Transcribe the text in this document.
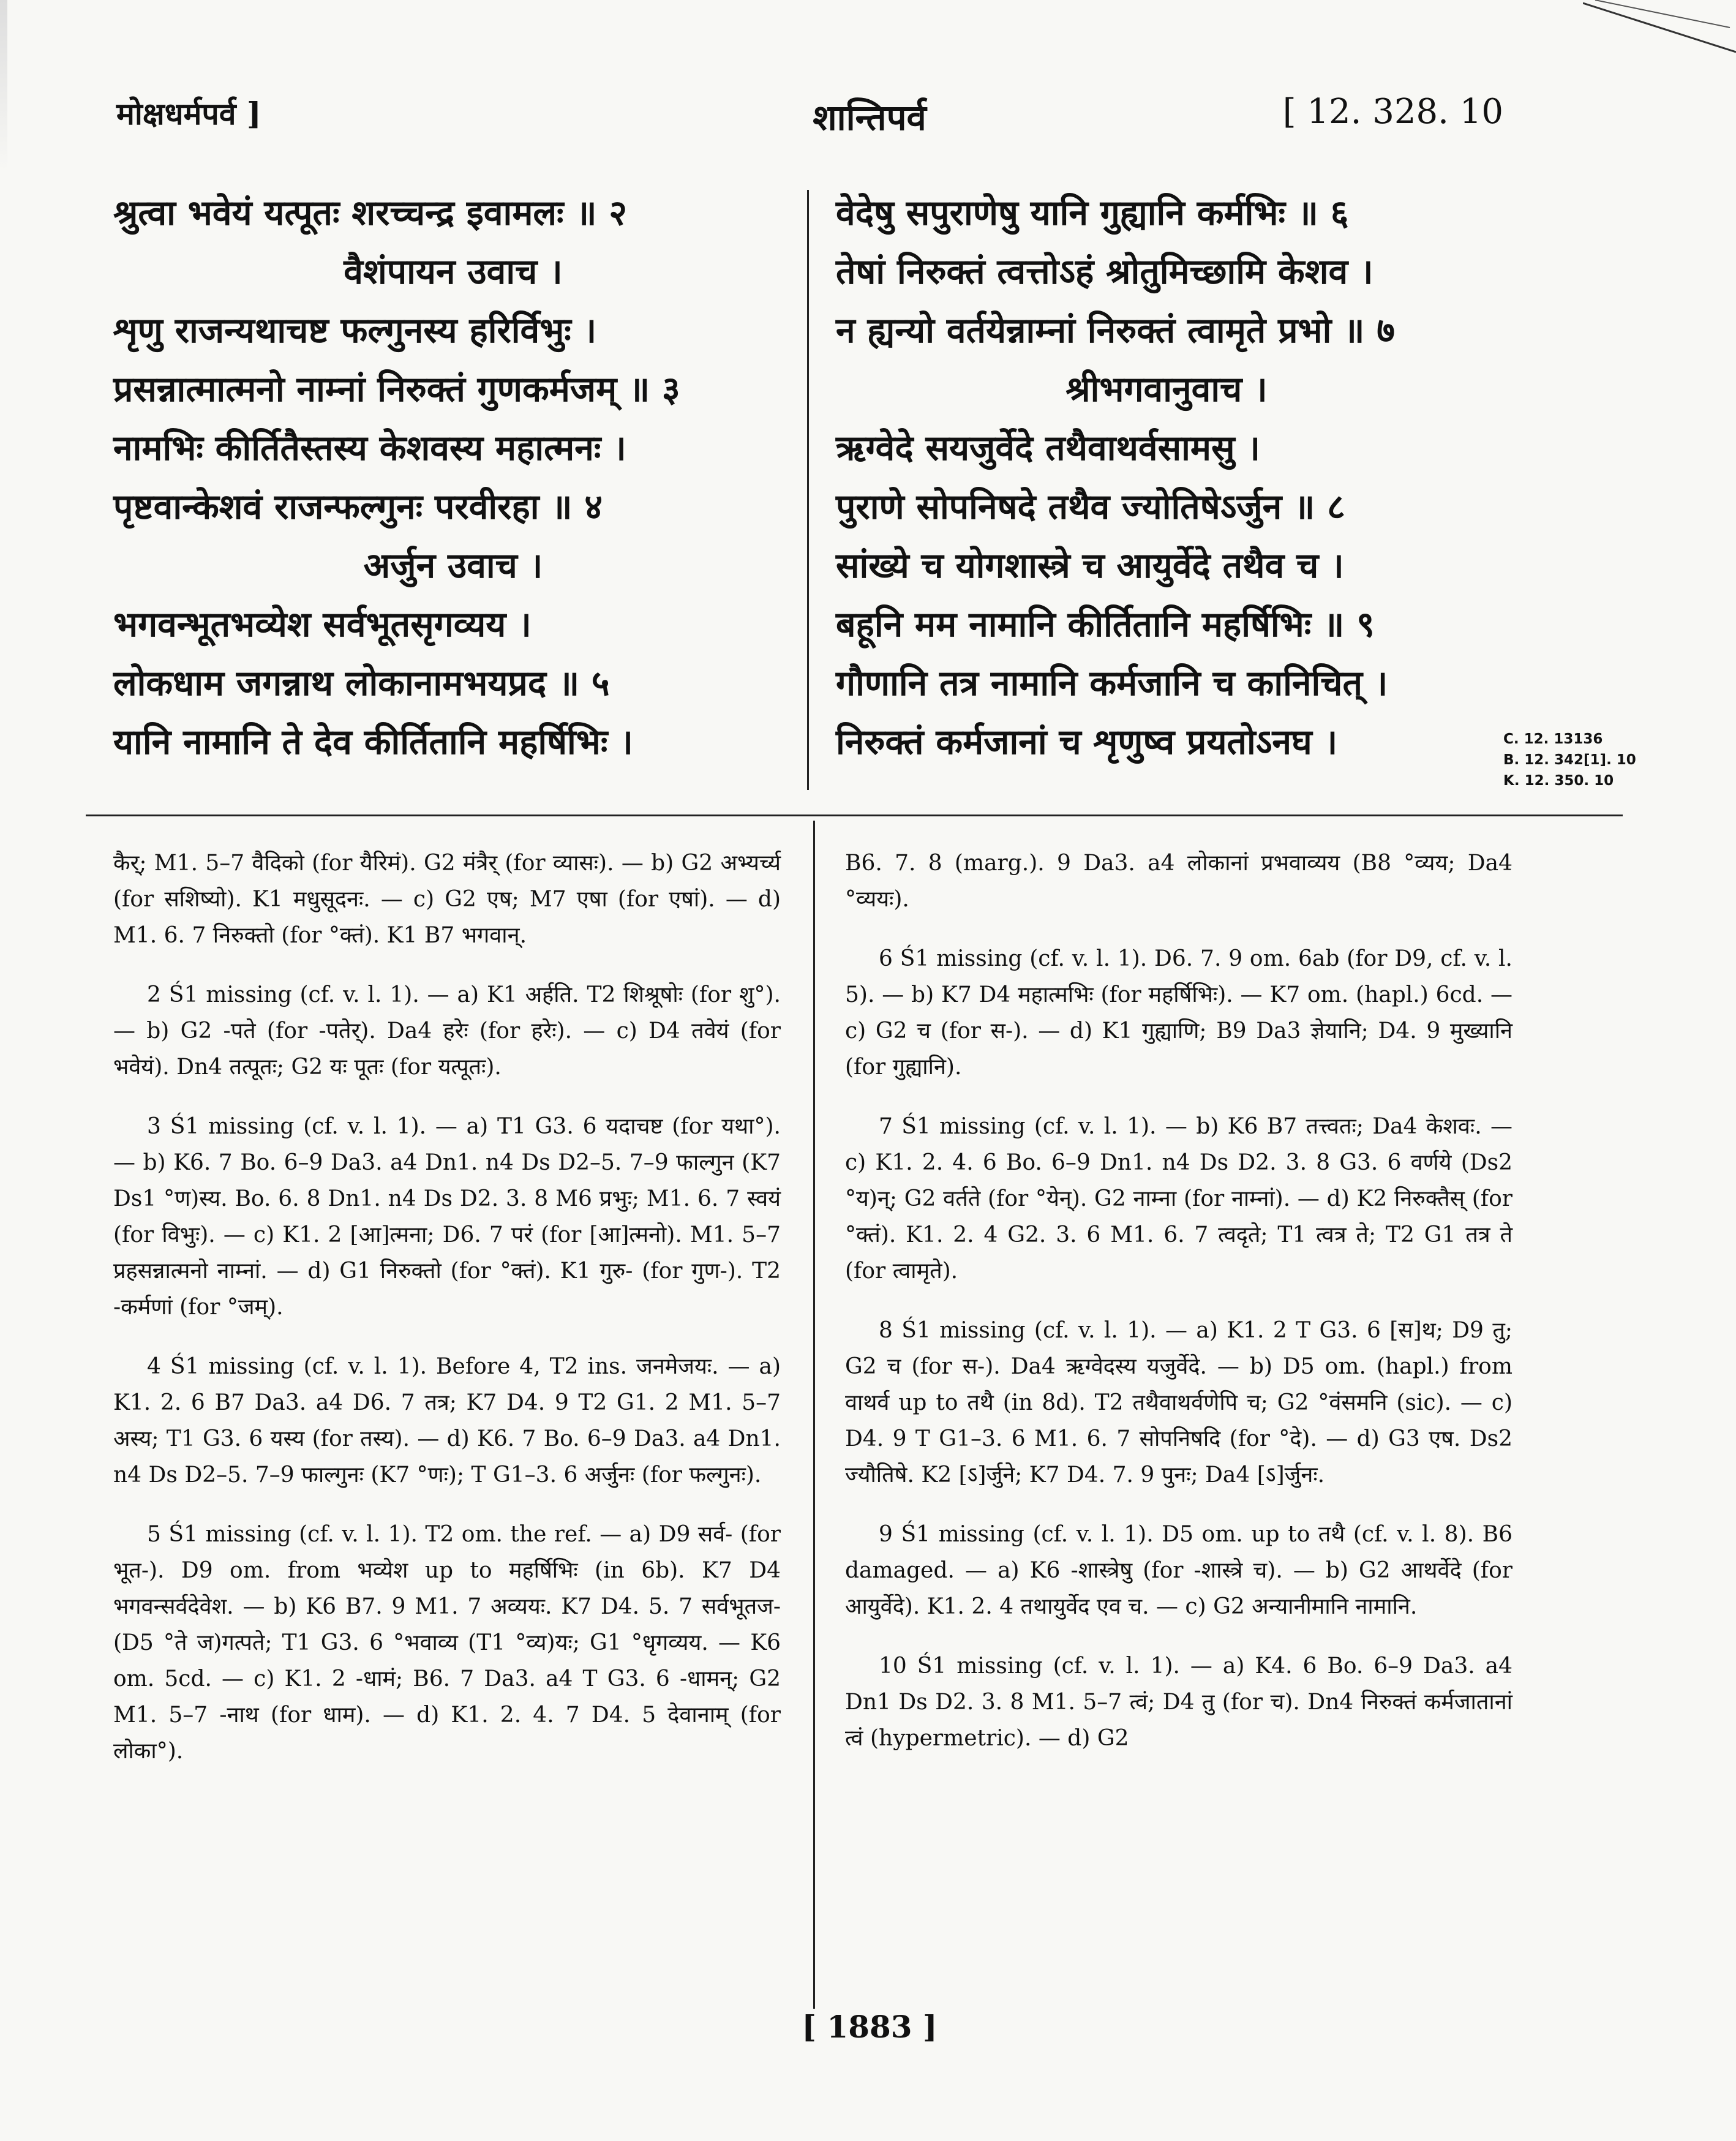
मोक्षधर्मपर्व ]	शान्तिपर्व	[ 12. 328. 10
श्रुत्वा भवेयं यत्पूतः शरच्चन्द्र इवामलः ॥ २
वैशंपायन उवाच ।
शृणु राजन्यथाचष्ट फल्गुनस्य हरिर्विभुः ।
प्रसन्नात्मात्मनो नाम्नां निरुक्तं गुणकर्मजम् ॥ ३
नामभिः कीर्तितैस्तस्य केशवस्य महात्मनः ।
पृष्टवान्केशवं राजन्फल्गुनः परवीरहा ॥ ४
अर्जुन उवाच ।
भगवन्भूतभव्येश सर्वभूतसृगव्यय ।
लोकधाम जगन्नाथ लोकानामभयप्रद ॥ ५
यानि नामानि ते देव कीर्तितानि महर्षिभिः ।
वेदेषु सपुराणेषु यानि गुह्यानि कर्मभिः ॥ ६
तेषां निरुक्तं त्वत्तोऽहं श्रोतुमिच्छामि केशव ।
न ह्यन्यो वर्तयेन्नाम्नां निरुक्तं त्वामृते प्रभो ॥ ७
श्रीभगवानुवाच ।
ऋग्वेदे सयजुर्वेदे तथैवाथर्वसामसु ।
पुराणे सोपनिषदे तथैव ज्योतिषेऽर्जुन ॥ ८
सांख्ये च योगशास्त्रे च आयुर्वेदे तथैव च ।
बहूनि मम नामानि कीर्तितानि महर्षिभिः ॥ ९
गौणानि तत्र नामानि कर्मजानि च कानिचित् ।
निरुक्तं कर्मजानां च शृणुष्व प्रयतोऽनघ ।	C. 12. 13136
B. 12. 342[1]. 10
K. 12. 350. 10

कैर्; M1. 5–7 वैदिको (for यैरिमं). G2 मंत्रैर् (for व्यासः). — b) G2 अभ्यर्च्य (for सशिष्यो). K1 मधुसूदनः. — c) G2 एष; M7 एषा (for एषां). — d) M1. 6. 7 निरुक्तो (for °क्तं). K1 B7 भगवान्.

2 Ś1 missing (cf. v. l. 1). — a) K1 अर्हति. T2 शिश्रूषोः (for शु°). — b) G2 -पते (for -पतेर्). Da4 हरेः (for हरेः). — c) D4 तवेयं (for भवेयं). Dn4 तत्पूतः; G2 यः पूतः (for यत्पूतः).

3 Ś1 missing (cf. v. l. 1). — a) T1 G3. 6 यदाचष्ट (for यथा°). — b) K6. 7 Bo. 6–9 Da3. a4 Dn1. n4 Ds D2–5. 7–9 फाल्गुन (K7 Ds1 °ण)स्य. Bo. 6. 8 Dn1. n4 Ds D2. 3. 8 M6 प्रभुः; M1. 6. 7 स्वयं (for विभुः). — c) K1. 2 [आ]त्मना; D6. 7 परं (for [आ]त्मनो). M1. 5–7 प्रहसन्नात्मनो नाम्नां. — d) G1 निरुक्तो (for °क्तं). K1 गुरु- (for गुण-). T2 -कर्मणां (for °जम्).

4 Ś1 missing (cf. v. l. 1). Before 4, T2 ins. जनमेजयः. — a) K1. 2. 6 B7 Da3. a4 D6. 7 तत्र; K7 D4. 9 T2 G1. 2 M1. 5–7 अस्य; T1 G3. 6 यस्य (for तस्य). — d) K6. 7 Bo. 6–9 Da3. a4 Dn1. n4 Ds D2–5. 7–9 फाल्गुनः (K7 °णः); T G1–3. 6 अर्जुनः (for फल्गुनः).

5 Ś1 missing (cf. v. l. 1). T2 om. the ref. — a) D9 सर्व- (for भूत-). D9 om. from भव्येश up to महर्षिभिः (in 6b). K7 D4 भगवन्सर्वदेवेश. — b) K6 B7. 9 M1. 7 अव्ययः. K7 D4. 5. 7 सर्वभूतज- (D5 °ते ज)गत्पते; T1 G3. 6 °भवाव्य (T1 °व्य)यः; G1 °धृगव्यय. — K6 om. 5cd. — c) K1. 2 -धामं; B6. 7 Da3. a4 T G3. 6 -धामन्; G2 M1. 5–7 -नाथ (for धाम). — d) K1. 2. 4. 7 D4. 5 देवानाम् (for लोका°).

B6. 7. 8 (marg.). 9 Da3. a4 लोकानां प्रभवाव्यय (B8 °व्यय; Da4 °व्ययः).

6 Ś1 missing (cf. v. l. 1). D6. 7. 9 om. 6ab (for D9, cf. v. l. 5). — b) K7 D4 महात्मभिः (for महर्षिभिः). — K7 om. (hapl.) 6cd. — c) G2 च (for स-). — d) K1 गुह्याणि; B9 Da3 ज्ञेयानि; D4. 9 मुख्यानि (for गुह्यानि).

7 Ś1 missing (cf. v. l. 1). — b) K6 B7 तत्त्वतः; Da4 केशवः. — c) K1. 2. 4. 6 Bo. 6–9 Dn1. n4 Ds D2. 3. 8 G3. 6 वर्णये (Ds2 °य)न्; G2 वर्तते (for °येन्). G2 नाम्ना (for नाम्नां). — d) K2 निरुक्तैस् (for °क्तं). K1. 2. 4 G2. 3. 6 M1. 6. 7 त्वदृते; T1 त्वत्र ते; T2 G1 तत्र ते (for त्वामृते).

8 Ś1 missing (cf. v. l. 1). — a) K1. 2 T G3. 6 [स]थ; D9 तु; G2 च (for स-). Da4 ऋग्वेदस्य यजुर्वेदे. — b) D5 om. (hapl.) from वाथर्व up to तथै (in 8d). T2 तथैवाथर्वणेपि च; G2 °वंसमनि (sic). — c) D4. 9 T G1–3. 6 M1. 6. 7 सोपनिषदि (for °दे). — d) G3 एष. Ds2 ज्यौतिषे. K2 [ऽ]र्जुने; K7 D4. 7. 9 पुनः; Da4 [ऽ]र्जुनः.

9 Ś1 missing (cf. v. l. 1). D5 om. up to तथै (cf. v. l. 8). B6 damaged. — a) K6 -शास्त्रेषु (for -शास्त्रे च). — b) G2 आथर्वेदे (for आयुर्वेदे). K1. 2. 4 तथायुर्वेद एव च. — c) G2 अन्यानीमानि नामानि.

10 Ś1 missing (cf. v. l. 1). — a) K4. 6 Bo. 6–9 Da3. a4 Dn1 Ds D2. 3. 8 M1. 5–7 त्वं; D4 तु (for च). Dn4 निरुक्तं कर्मजातानां त्वं (hypermetric). — d) G2

[ 1883 ]
